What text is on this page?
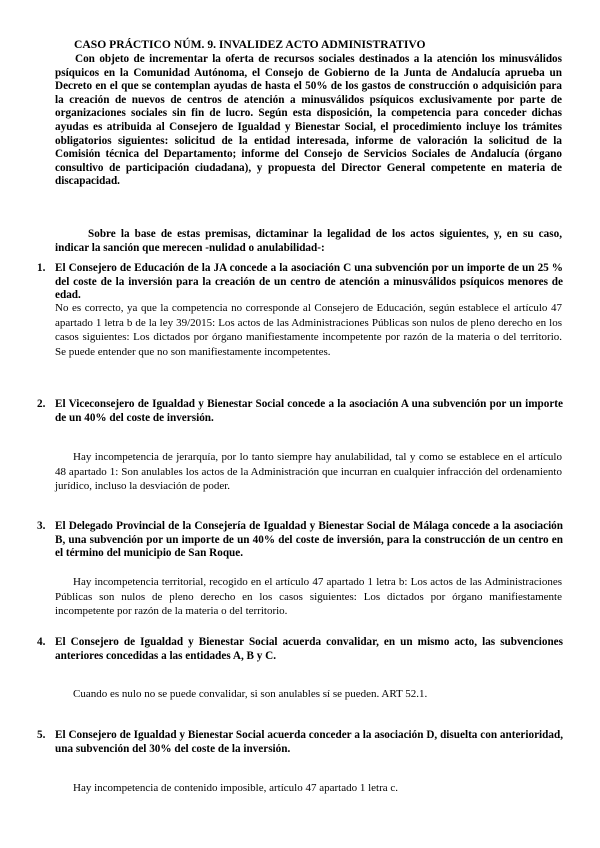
CASO PRÁCTICO NÚM. 9. INVALIDEZ ACTO ADMINISTRATIVO
Con objeto de incrementar la oferta de recursos sociales destinados a la atención los minusválidos psíquicos en la Comunidad Autónoma, el Consejo de Gobierno de la Junta de Andalucía aprueba un Decreto en el que se contemplan ayudas de hasta el 50% de los gastos de construcción o adquisición para la creación de nuevos de centros de atención a minusválidos psíquicos exclusivamente por parte de organizaciones sociales sin fin de lucro. Según esta disposición, la competencia para conceder dichas ayudas es atribuida al Consejero de Igualdad y Bienestar Social, el procedimiento incluye los trámites obligatorios siguientes: solicitud de la entidad interesada, informe de valoración la solicitud de la Comisión técnica del Departamento; informe del Consejo de Servicios Sociales de Andalucía (órgano consultivo de participación ciudadana), y propuesta del Director General competente en materia de discapacidad.
Sobre la base de estas premisas, dictaminar la legalidad de los actos siguientes, y, en su caso, indicar la sanción que merecen -nulidad o anulabilidad-:
1. El Consejero de Educación de la JA concede a la asociación C una subvención por un importe de un 25 % del coste de la inversión para la creación de un centro de atención a minusválidos psíquicos menores de edad.
No es correcto, ya que la competencia no corresponde al Consejero de Educación, según establece el artículo 47 apartado 1 letra b de la ley 39/2015: Los actos de las Administraciones Públicas son nulos de pleno derecho en los casos siguientes: Los dictados por órgano manifiestamente incompetente por razón de la materia o del territorio. Se puede entender que no son manifiestamente incompetentes.
2. El Viceconsejero de Igualdad y Bienestar Social concede a la asociación A una subvención por un importe de un 40% del coste de inversión.
Hay incompetencia de jerarquía, por lo tanto siempre hay anulabilidad, tal y como se establece en el artículo 48 apartado 1: Son anulables los actos de la Administración que incurran en cualquier infracción del ordenamiento jurídico, incluso la desviación de poder.
3. El Delegado Provincial de la Consejería de Igualdad y Bienestar Social de Málaga concede a la asociación B, una subvención por un importe de un 40% del coste de inversión, para la construcción de un centro en el término del municipio de San Roque.
Hay incompetencia territorial, recogido en el artículo 47 apartado 1 letra b: Los actos de las Administraciones Públicas son nulos de pleno derecho en los casos siguientes: Los dictados por órgano manifiestamente incompetente por razón de la materia o del territorio.
4. El Consejero de Igualdad y Bienestar Social acuerda convalidar, en un mismo acto, las subvenciones anteriores concedidas a las entidades A, B y C.
Cuando es nulo no se puede convalidar, si son anulables sí se pueden. ART 52.1.
5. El Consejero de Igualdad y Bienestar Social acuerda conceder a la asociación D, disuelta con anterioridad, una subvención del 30% del coste de la inversión.
Hay incompetencia de contenido imposible, artículo 47 apartado 1 letra c.
